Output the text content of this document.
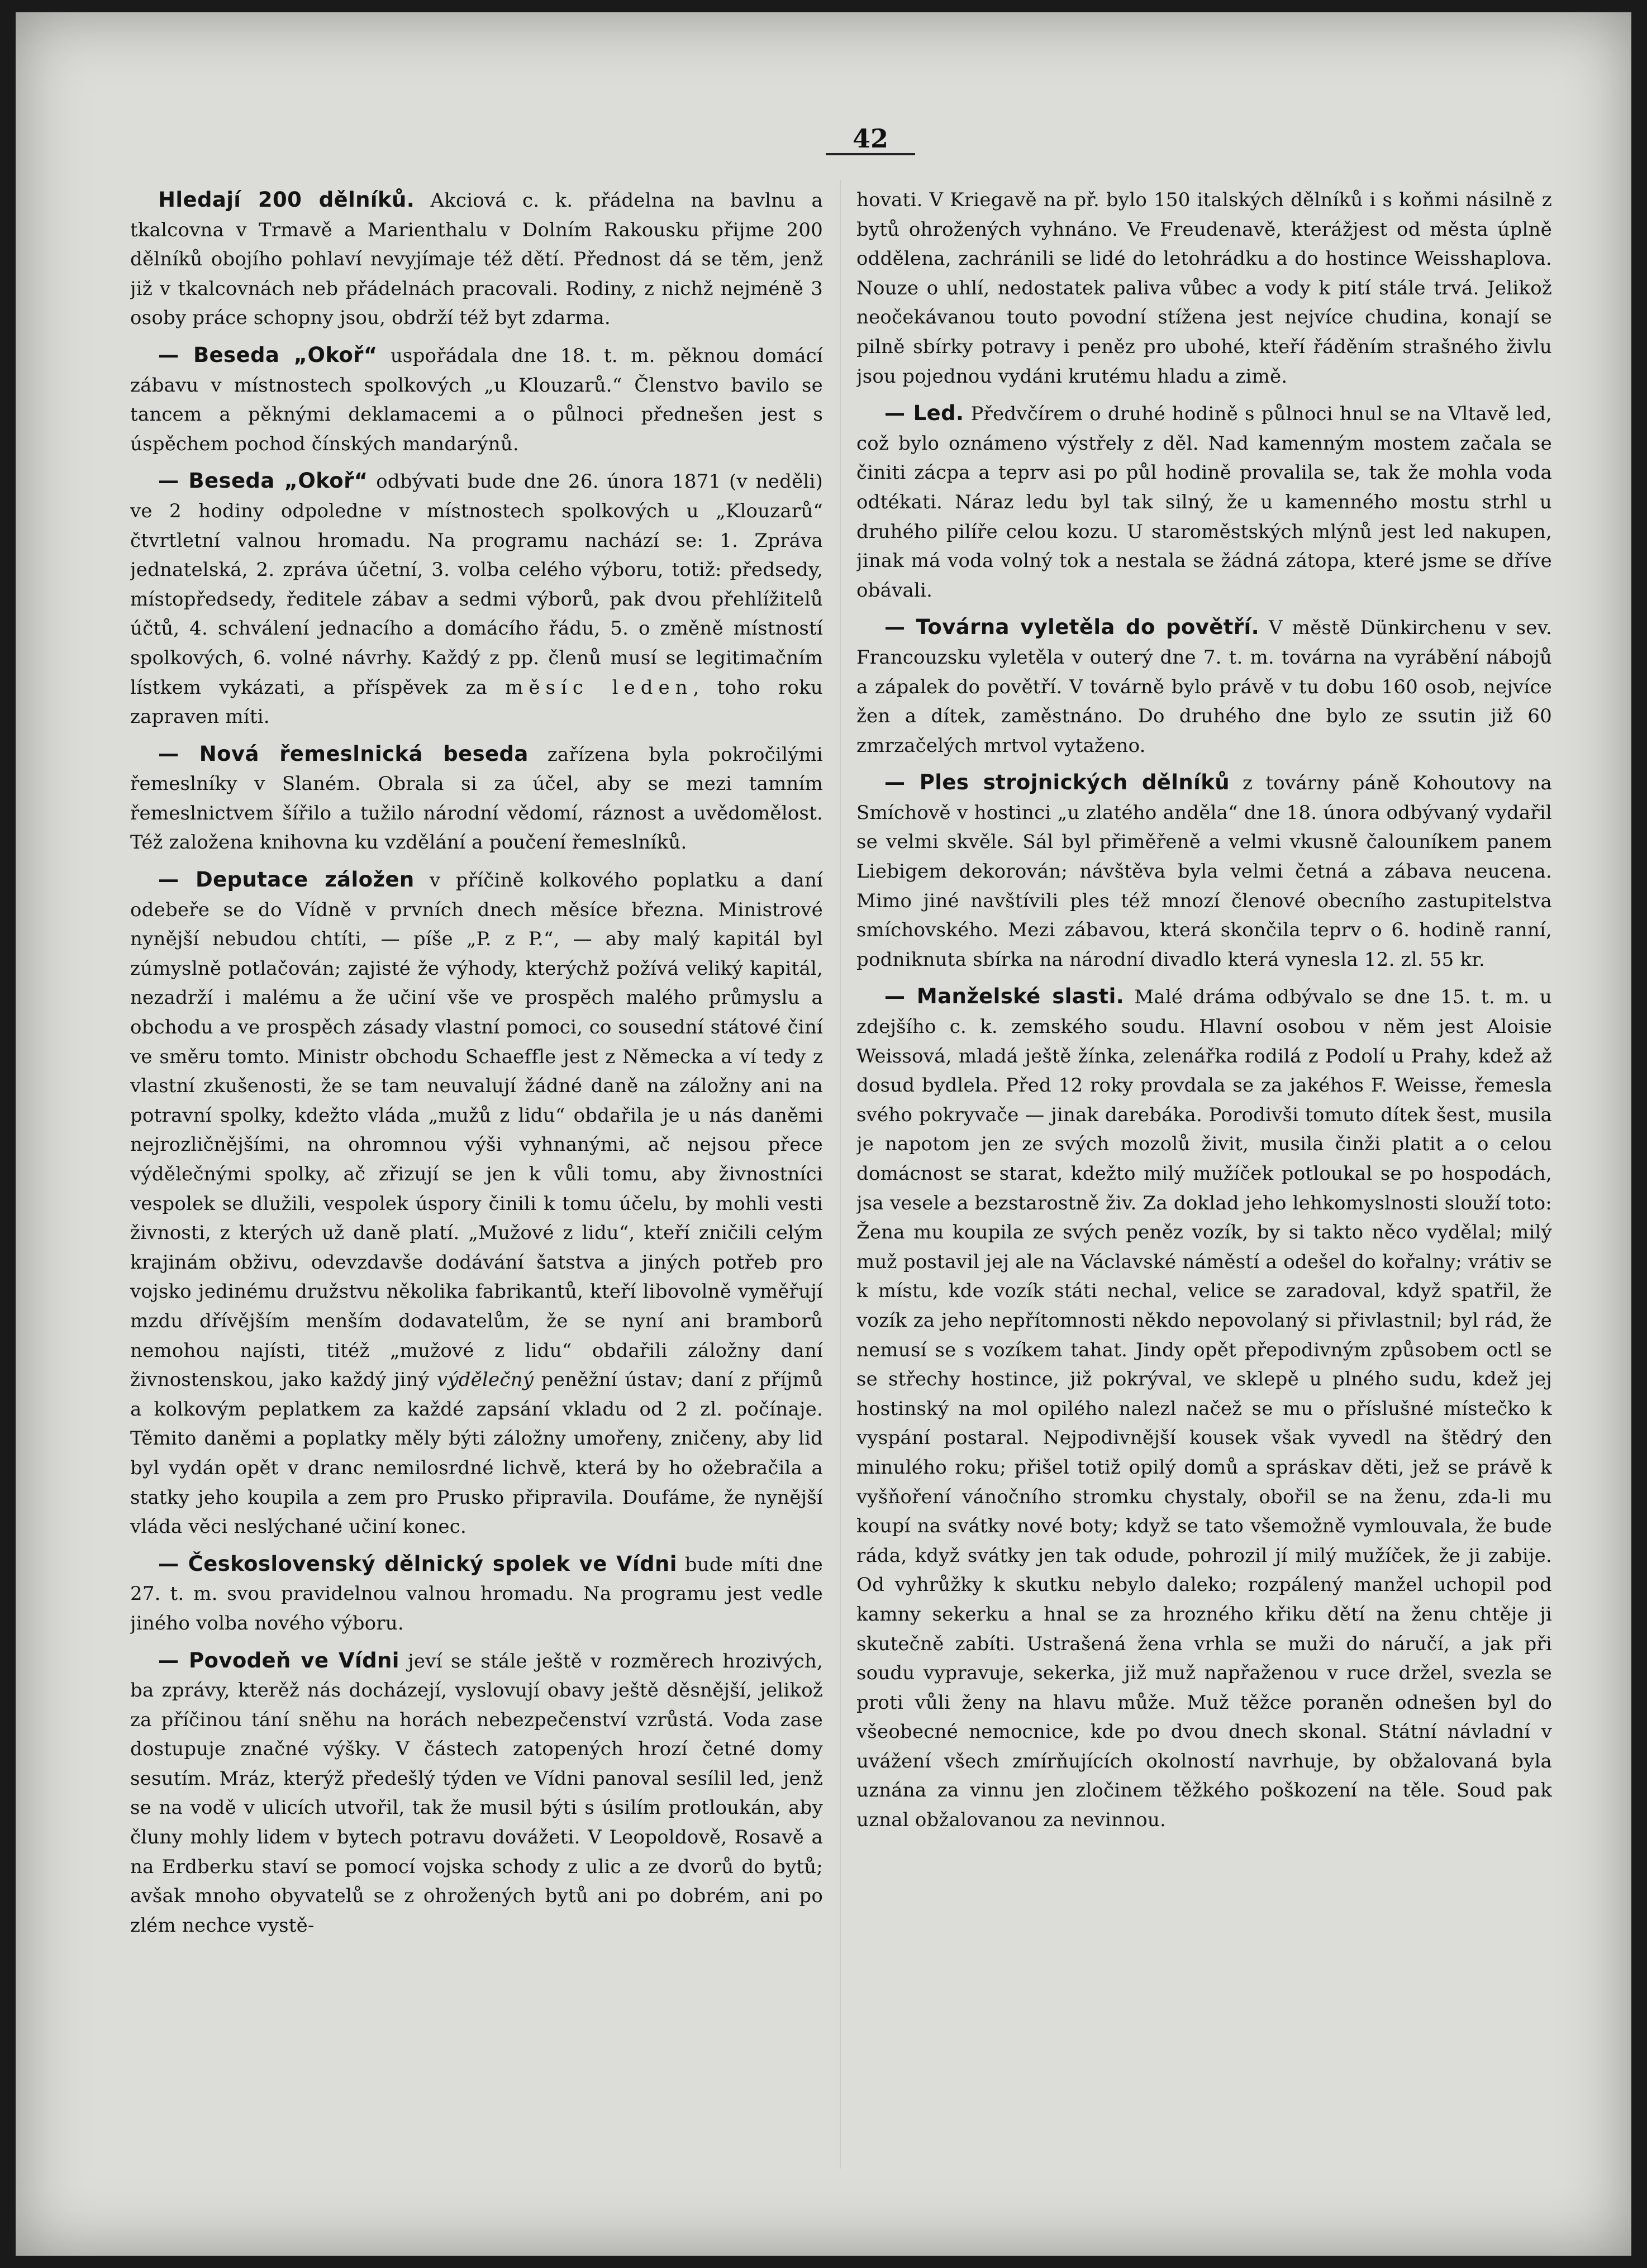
42

Hledají 200 dělníků. Akciová c. k. přádelna na bavlnu a tkalcovna v Trmavě a Marienthalu v Dolním Rakousku přijme 200 dělníků obojího pohlaví nevyjímaje též dětí. Přednost dá se těm, jenž již v tkalcovnách neb přádelnách pracovali. Rodiny, z nichž nejméně 3 osoby práce schopny jsou, obdrží též byt zdarma.

— Beseda „Okoř“ uspořádala dne 18. t. m. pěknou domácí zábavu v místnostech spolkových „u Klouzarů.“ Členstvo bavilo se tancem a pěknými deklamacemi a o půlnoci přednešen jest s úspěchem pochod čínských mandarýnů.

— Beseda „Okoř“ odbývati bude dne 26. února 1871 (v neděli) ve 2 hodiny odpoledne v místnostech spolkových u „Klouzarů“ čtvrtletní valnou hromadu. Na programu nachází se: 1. Zpráva jednatelská, 2. zpráva účetní, 3. volba celého výboru, totiž: předsedy, místopředsedy, ředitele zábav a sedmi výborů, pak dvou přehlížitelů účtů, 4. schválení jednacího a domácího řádu, 5. o změně místností spolkových, 6. volné návrhy. Každý z pp. členů musí se legitimačním lístkem vykázati, a příspěvek za měsíc leden, toho roku zapraven míti.

— Nová řemeslnická beseda zařízena byla pokročilými řemeslníky v Slaném. Obrala si za účel, aby se mezi tamním řemeslnictvem šířilo a tužilo národní vědomí, ráznost a uvědomělost. Též založena knihovna ku vzdělání a poučení řemeslníků.

— Deputace záložen v příčině kolkového poplatku a daní odebeře se do Vídně v prvních dnech měsíce března. Ministrové nynější nebudou chtíti, — píše „P. z P.“, — aby malý kapitál byl zúmyslně potlačován; zajisté že výhody, kterýchž požívá veliký kapitál, nezadrží i malému a že učiní vše ve prospěch malého průmyslu a obchodu a ve prospěch zásady vlastní pomoci, co sousední státové činí ve směru tomto. Ministr obchodu Schaeffle jest z Německa a ví tedy z vlastní zkušenosti, že se tam neuvalují žádné daně na záložny ani na potravní spolky, kdežto vláda „mužů z lidu“ obdařila je u nás daněmi nejrozličnějšími, na ohromnou výši vyhnanými, ač nejsou přece výdělečnými spolky, ač zřizují se jen k vůli tomu, aby živnostníci vespolek se dlužili, vespolek úspory činili k tomu účelu, by mohli vesti živnosti, z kterých už daně platí. „Mužové z lidu“, kteří zničili celým krajinám obživu, odevzdavše dodávání šatstva a jiných potřeb pro vojsko jedinému družstvu několika fabrikantů, kteří libovolně vyměřují mzdu dřívějším menším dodavatelům, že se nyní ani bramborů nemohou najísti, titéž „mužové z lidu“ obdařili záložny daní živnostenskou, jako každý jiný výdělečný peněžní ústav; daní z příjmů a kolkovým peplatkem za každé zapsání vkladu od 2 zl. počínaje. Těmito daněmi a poplatky měly býti záložny umořeny, zničeny, aby lid byl vydán opět v dranc nemilosrdné lichvě, která by ho ožebračila a statky jeho koupila a zem pro Prusko připravila. Doufáme, že nynější vláda věci neslýchané učiní konec.

— Československý dělnický spolek ve Vídni bude míti dne 27. t. m. svou pravidelnou valnou hromadu. Na programu jest vedle jiného volba nového výboru.

— Povodeň ve Vídni jeví se stále ještě v rozměrech hrozivých, ba zprávy, kterěž nás docházejí, vyslovují obavy ještě děsnější, jelikož za příčinou tání sněhu na horách nebezpečenství vzrůstá. Voda zase dostupuje značné výšky. V částech zatopených hrozí četné domy sesutím. Mráz, kterýž předešlý týden ve Vídni panoval sesílil led, jenž se na vodě v ulicích utvořil, tak že musil býti s úsilím protloukán, aby čluny mohly lidem v bytech potravu dovážeti. V Leopoldově, Rosavě a na Erdberku staví se pomocí vojska schody z ulic a ze dvorů do bytů; avšak mnoho obyvatelů se z ohrožených bytů ani po dobrém, ani po zlém nechce vystě-

hovati. V Kriegavě na př. bylo 150 italských dělníků i s koňmi násilně z bytů ohrožených vyhnáno. Ve Freudenavě, kterážjest od města úplně oddělena, zachránili se lidé do letohrádku a do hostince Weisshaplova. Nouze o uhlí, nedostatek paliva vůbec a vody k pití stále trvá. Jelikož neočekávanou touto povodní stížena jest nejvíce chudina, konají se pilně sbírky potravy i peněz pro ubohé, kteří řáděním strašného živlu jsou pojednou vydáni krutému hladu a zimě.

— Led. Předvčírem o druhé hodině s půlnoci hnul se na Vltavě led, což bylo oznámeno výstřely z děl. Nad kamenným mostem začala se činiti zácpa a teprv asi po půl hodině provalila se, tak že mohla voda odtékati. Náraz ledu byl tak silný, že u kamenného mostu strhl u druhého pilíře celou kozu. U staroměstských mlýnů jest led nakupen, jinak má voda volný tok a nestala se žádná zátopa, které jsme se dříve obávali.

— Továrna vyletěla do povětří. V městě Dünkirchenu v sev. Francouzsku vyletěla v outerý dne 7. t. m. továrna na vyrábění nábojů a zápalek do povětří. V továrně bylo právě v tu dobu 160 osob, nejvíce žen a dítek, zaměstnáno. Do druhého dne bylo ze ssutin již 60 zmrzačelých mrtvol vytaženo.

— Ples strojnických dělníků z továrny páně Kohoutovy na Smíchově v hostinci „u zlatého anděla“ dne 18. února odbývaný vydařil se velmi skvěle. Sál byl přiměřeně a velmi vkusně čalouníkem panem Liebigem dekorován; návštěva byla velmi četná a zábava neucena. Mimo jiné navštívili ples též mnozí členové obecního zastupitelstva smíchovského. Mezi zábavou, která skončila teprv o 6. hodině ranní, podniknuta sbírka na národní divadlo která vynesla 12. zl. 55 kr.

— Manželské slasti. Malé dráma odbývalo se dne 15. t. m. u zdejšího c. k. zemského soudu. Hlavní osobou v něm jest Aloisie Weissová, mladá ještě žínka, zelenářka rodilá z Podolí u Prahy, kdež až dosud bydlela. Před 12 roky provdala se za jakéhos F. Weisse, řemesla svého pokryvače — jinak darebáka. Porodivši tomuto dítek šest, musila je napotom jen ze svých mozolů živit, musila činži platit a o celou domácnost se starat, kdežto milý mužíček potloukal se po hospodách, jsa vesele a bezstarostně živ. Za doklad jeho lehkomyslnosti slouží toto: Žena mu koupila ze svých peněz vozík, by si takto něco vydělal; milý muž postavil jej ale na Václavské náměstí a odešel do kořalny; vrátiv se k místu, kde vozík státi nechal, velice se zaradoval, když spatřil, že vozík za jeho nepřítomnosti někdo nepovolaný si přivlastnil; byl rád, že nemusí se s vozíkem tahat. Jindy opět přepodivným způsobem octl se se střechy hostince, již pokrýval, ve sklepě u plného sudu, kdež jej hostinský na mol opilého nalezl načež se mu o příslušné místečko k vyspání postaral. Nejpodivnější kousek však vyvedl na štědrý den minulého roku; přišel totiž opilý domů a spráskav děti, jež se právě k vyšňoření vánočního stromku chystaly, obořil se na ženu, zda-li mu koupí na svátky nové boty; když se tato všemožně vymlouvala, že bude ráda, když svátky jen tak odude, pohrozil jí milý mužíček, že ji zabije. Od vyhrůžky k skutku nebylo daleko; rozpálený manžel uchopil pod kamny sekerku a hnal se za hrozného křiku dětí na ženu chtěje ji skutečně zabíti. Ustrašená žena vrhla se muži do náručí, a jak při soudu vypravuje, sekerka, již muž napřaženou v ruce držel, svezla se proti vůli ženy na hlavu může. Muž těžce poraněn odnešen byl do všeobecné nemocnice, kde po dvou dnech skonal. Státní návladní v uvážení všech zmírňujících okolností navrhuje, by obžalovaná byla uznána za vinnu jen zločinem těžkého poškození na těle. Soud pak uznal obžalovanou za nevinnou.
